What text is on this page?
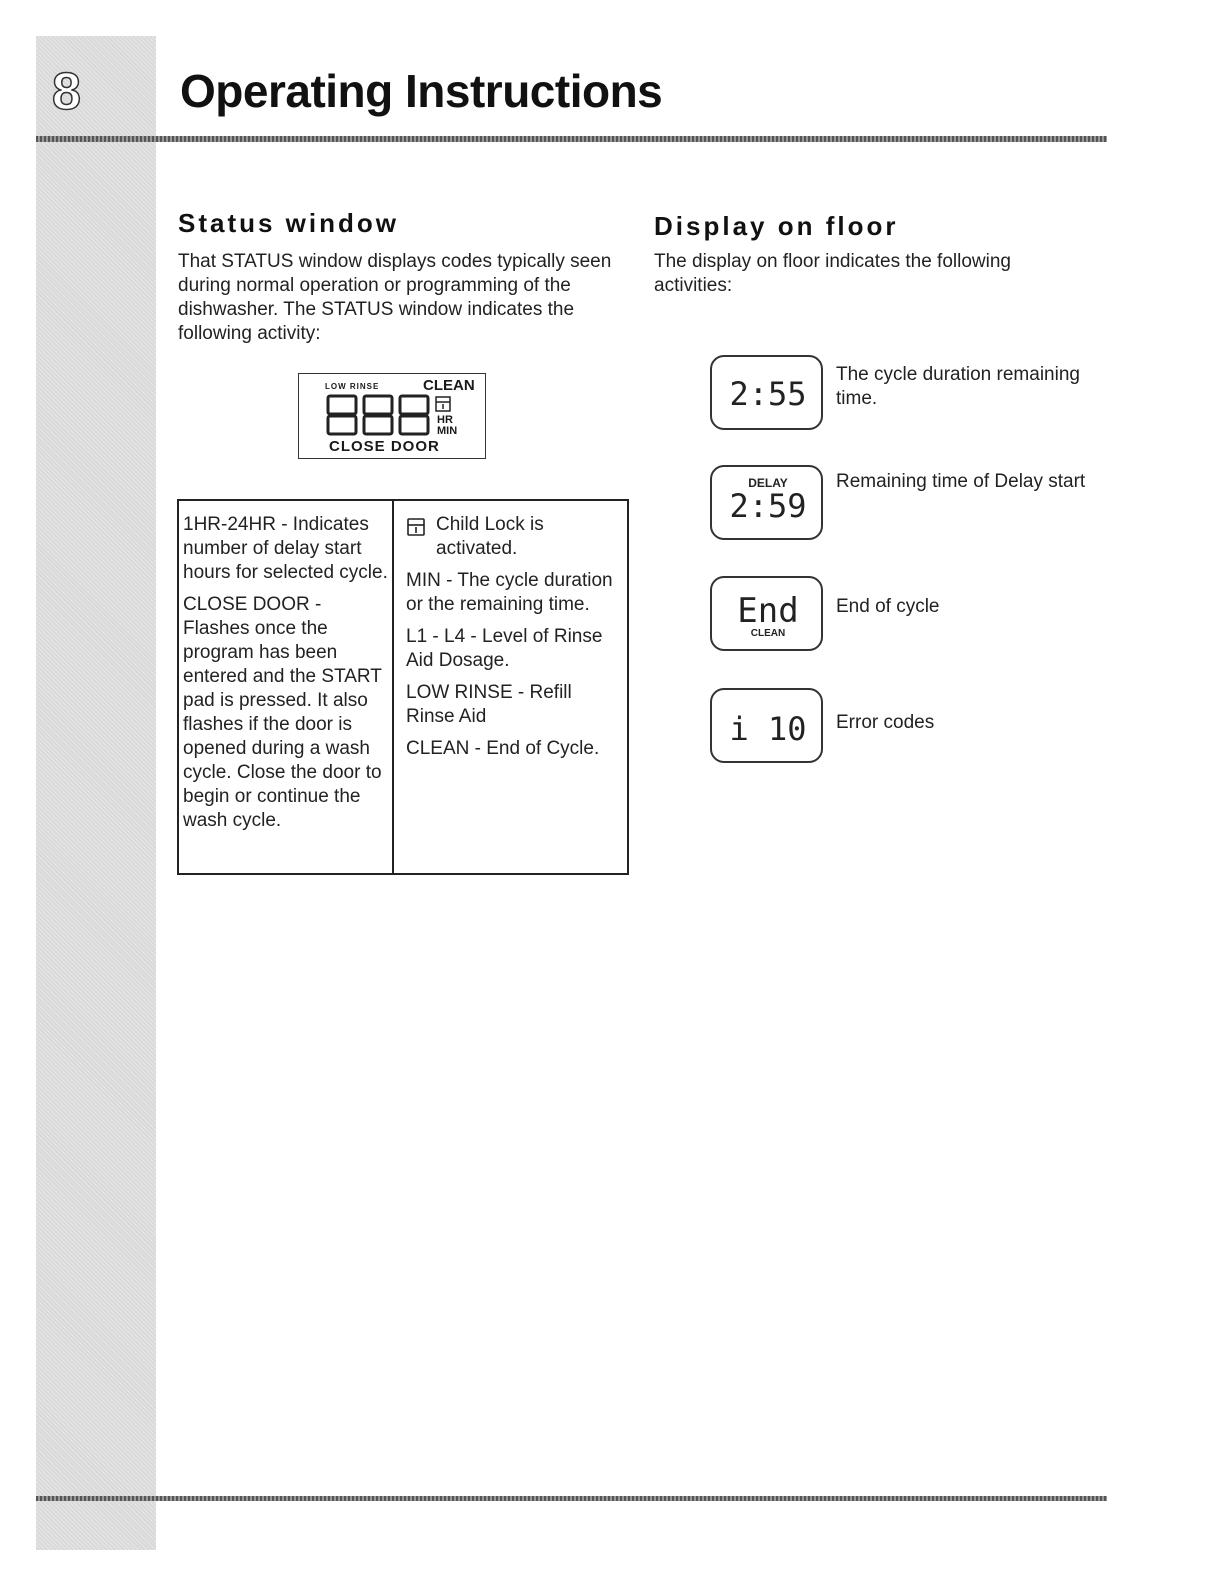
8 Operating Instructions
Status window

That STATUS window displays codes typically seen during normal operation or programming of the dishwasher. The STATUS window indicates the following activity:

LOW RINSE	CLEAN
HR
MIN
CLOSE DOOR

1HR-24HR - Indicates number of delay start hours for selected cycle.

CLOSE DOOR - Flashes once the program has been entered and the START pad is pressed. It also flashes if the door is opened during a wash cycle. Close the door to begin or continue the wash cycle.

Child Lock is activated.

MIN - The cycle duration or the remaining time.

L1 - L4 - Level of Rinse Aid Dosage.

LOW RINSE - Refill Rinse Aid

CLEAN - End of Cycle.

Display on floor

The display on floor indicates the following activities:

2:55

The cycle duration remaining time.

DELAY
2:59

Remaining time of Delay start

End
CLEAN

End of cycle

i 10 Error codes
